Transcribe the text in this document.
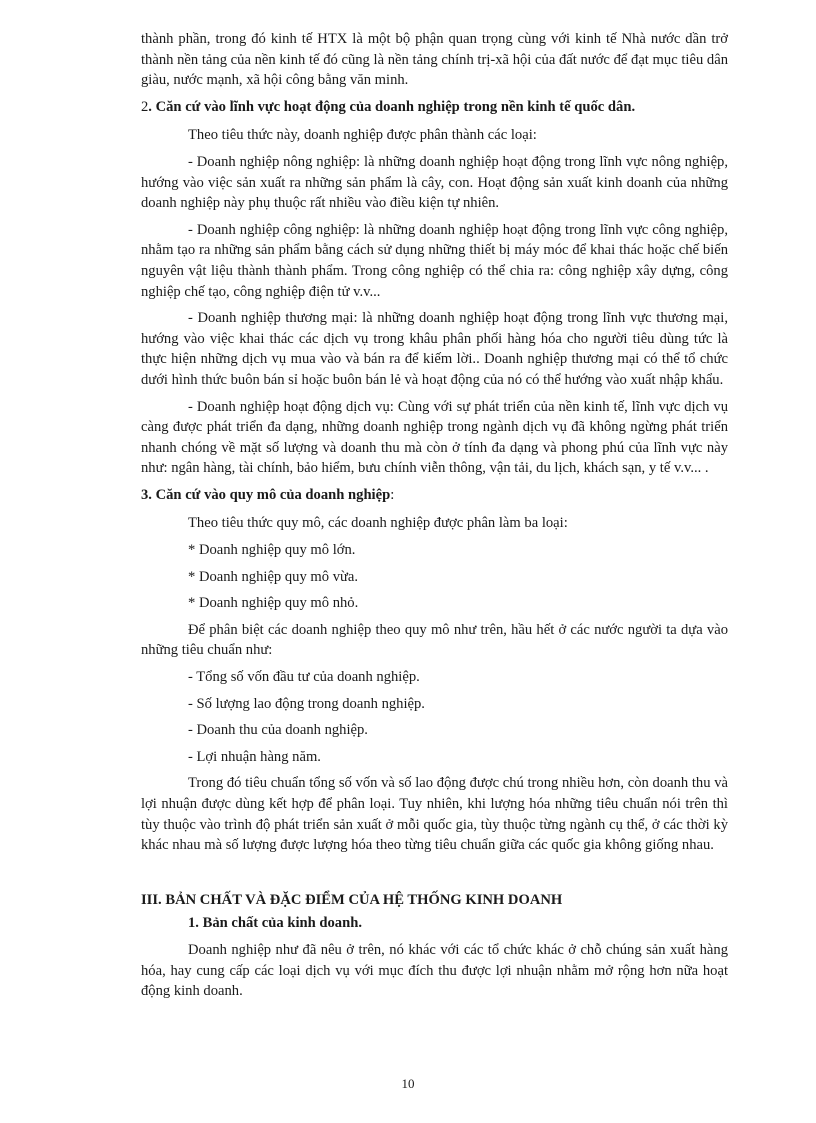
thành phần, trong đó kinh tế HTX là một bộ phận quan trọng cùng với kinh tế Nhà nước dần trở thành nền tảng của nền kinh tế đó cũng là nền tảng chính trị-xã hội của đất nước để đạt mục tiêu dân giàu, nước mạnh, xã hội công bằng văn minh.

2. Căn cứ vào lĩnh vực hoạt động của doanh nghiệp trong nền kinh tế quốc dân.

Theo tiêu thức này, doanh nghiệp được phân thành các loại:

- Doanh nghiệp nông nghiệp: là những doanh nghiệp hoạt động trong lĩnh vực nông nghiệp, hướng vào việc sản xuất ra những sản phẩm là cây, con. Hoạt động sản xuất kinh doanh của những doanh nghiệp này phụ thuộc rất nhiều vào điều kiện tự nhiên.

- Doanh nghiệp công nghiệp: là những doanh nghiệp hoạt động trong lĩnh vực công nghiệp, nhằm tạo ra những sản phẩm bằng cách sử dụng những thiết bị máy móc để khai thác hoặc chế biến nguyên vật liệu thành thành phẩm. Trong công nghiệp có thể chia ra: công nghiệp xây dựng, công nghiệp chế tạo, công nghiệp điện tử v.v...

- Doanh nghiệp thương mại: là những doanh nghiệp hoạt động trong lĩnh vực thương mại, hướng vào việc khai thác các dịch vụ trong khâu phân phối hàng hóa cho người tiêu dùng tức là thực hiện những dịch vụ mua vào và bán ra để kiếm lời.. Doanh nghiệp thương mại có thể tổ chức dưới hình thức buôn bán sỉ hoặc buôn bán lẻ và hoạt động của nó có thể hướng vào xuất nhập khẩu.

- Doanh nghiệp hoạt động dịch vụ: Cùng với sự phát triển của nền kinh tế, lĩnh vực dịch vụ càng được phát triển đa dạng, những doanh nghiệp trong ngành dịch vụ đã không ngừng phát triển nhanh chóng về mặt số lượng và doanh thu mà còn ở tính đa dạng và phong phú của lĩnh vực này như: ngân hàng, tài chính, bảo hiểm, bưu chính viễn thông, vận tải, du lịch, khách sạn, y tế v.v... .

3. Căn cứ vào quy mô của doanh nghiệp:

Theo tiêu thức quy mô, các doanh nghiệp được phân làm ba loại:

* Doanh nghiệp quy mô lớn.

* Doanh nghiệp quy mô vừa.

* Doanh nghiệp quy mô nhỏ.

Để phân biệt các doanh nghiệp theo quy mô như trên, hầu hết ở các nước người ta dựa vào những tiêu chuẩn như:

- Tổng số vốn đầu tư của doanh nghiệp.

- Số lượng lao động trong doanh nghiệp.

- Doanh thu của doanh nghiệp.

- Lợi nhuận hàng năm.

Trong đó tiêu chuẩn tổng số vốn và số lao động được chú trong nhiều hơn, còn doanh thu và lợi nhuận được dùng kết hợp để phân loại. Tuy nhiên, khi lượng hóa những tiêu chuẩn nói trên thì tùy thuộc vào trình độ phát triển sản xuất ở mỗi quốc gia, tùy thuộc từng ngành cụ thể, ở các thời kỳ khác nhau mà số lượng được lượng hóa theo từng tiêu chuẩn giữa các quốc gia không giống nhau.

III. BẢN CHẤT VÀ ĐẶC ĐIỂM CỦA HỆ THỐNG KINH DOANH
1. Bản chất của kinh doanh.

Doanh nghiệp như đã nêu ở trên, nó khác với các tổ chức khác ở chỗ chúng sản xuất hàng hóa, hay cung cấp các loại dịch vụ với mục đích thu được lợi nhuận nhằm mở rộng hơn nữa hoạt động kinh doanh.

10
